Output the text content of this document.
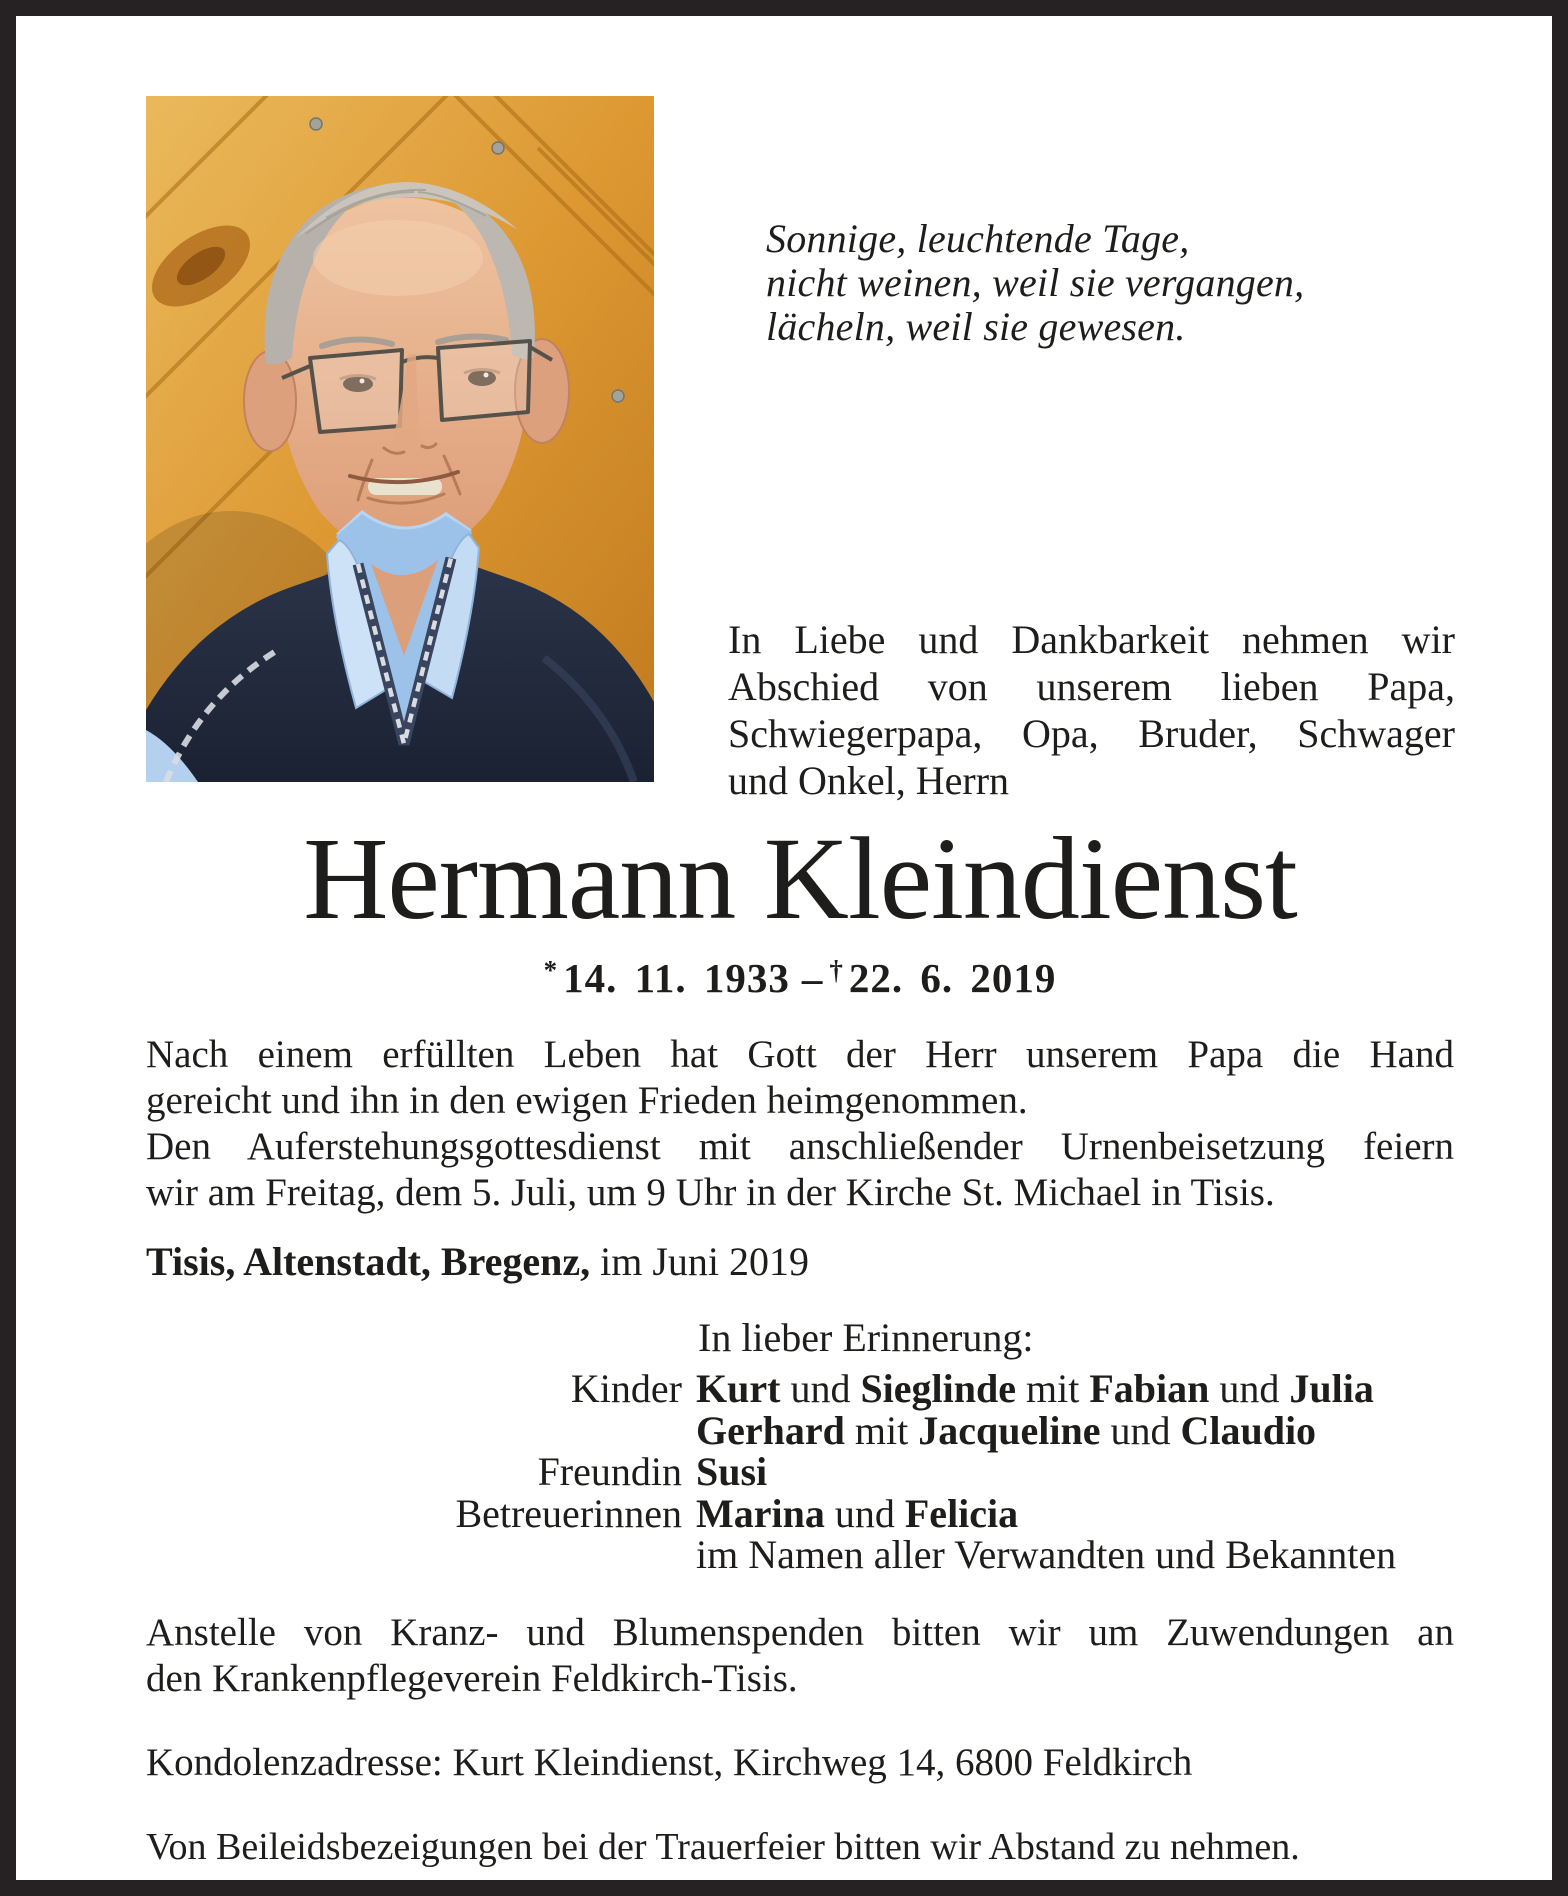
Sonnige, leuchtende Tage,
nicht weinen, weil sie vergangen,
lächeln, weil sie gewesen.
In Liebe und Dankbarkeit nehmen wir
Abschied von unserem lieben Papa,
Schwiegerpapa, Opa, Bruder, Schwager
und Onkel, Herrn
Hermann Kleindienst
* 14. 11. 1933 – † 22. 6. 2019
Nach einem erfüllten Leben hat Gott der Herr unserem Papa die Hand
gereicht und ihn in den ewigen Frieden heimgenommen.
Den Auferstehungsgottesdienst mit anschließender Urnenbeisetzung feiern
wir am Freitag, dem 5. Juli, um 9 Uhr in der Kirche St. Michael in Tisis.
Tisis, Altenstadt, Bregenz, im Juni 2019
In lieber Erinnerung:
Kinder Kurt und Sieglinde mit Fabian und Julia
Gerhard mit Jacqueline und Claudio
Freundin Susi
Betreuerinnen Marina und Felicia
im Namen aller Verwandten und Bekannten
Anstelle von Kranz- und Blumenspenden bitten wir um Zuwendungen an
den Krankenpflegeverein Feldkirch-Tisis.
Kondolenzadresse: Kurt Kleindienst, Kirchweg 14, 6800 Feldkirch
Von Beileidsbezeigungen bei der Trauerfeier bitten wir Abstand zu nehmen.
